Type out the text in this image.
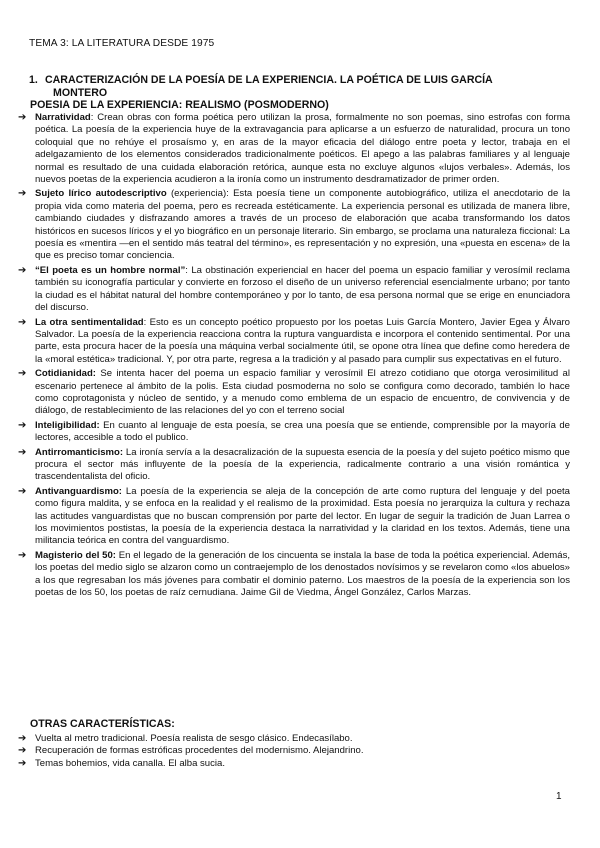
TEMA 3: LA LITERATURA DESDE 1975
1. CARACTERIZACIÓN DE LA POESÍA DE LA EXPERIENCIA. LA POÉTICA DE LUIS GARCÍA
MONTERO
POESIA DE LA EXPERIENCIA: REALISMO (POSMODERNO)
➔ Narratividad: Crean obras con forma poética pero utilizan la prosa, formalmente no son poemas, sino estrofas con forma poética. La poesía de la experiencia huye de la extravagancia para aplicarse a un esfuerzo de naturalidad, procura un tono coloquial que no rehúye el prosaísmo y, en aras de la mayor eficacia del diálogo entre poeta y lector, trabaja en el adelgazamiento de los elementos considerados tradicionalmente poéticos. El apego a las palabras familiares y al lenguaje normal es resultado de una cuidada elaboración retórica, aunque esta no excluye algunos «lujos verbales». Además, los nuevos poetas de la experiencia acudieron a la ironía como un instrumento desdramatizador de primer orden.
➔ Sujeto lírico autodescriptivo (experiencia): Esta poesía tiene un componente autobiográfico, utiliza el anecdotario de la propia vida como materia del poema, pero es recreada estéticamente. La experiencia personal es utilizada de manera libre, cambiando ciudades y disfrazando amores a través de un proceso de elaboración que acaba transformando los datos históricos en sucesos líricos y el yo biográfico en un personaje literario. Sin embargo, se proclama una naturaleza ficcional: La poesía es «mentira —en el sentido más teatral del término», es representación y no expresión, una «puesta en escena» de la que es preciso tomar conciencia.
➔ “El poeta es un hombre normal”: La obstinación experiencial en hacer del poema un espacio familiar y verosímil reclama también su iconografía particular y convierte en forzoso el diseño de un universo referencial esencialmente urbano; por tanto la ciudad es el hábitat natural del hombre contemporáneo y por lo tanto, de esa persona normal que se erige en enunciadora del discurso.
➔ La otra sentimentalidad: Esto es un concepto poético propuesto por los poetas Luis García Montero, Javier Egea y Álvaro Salvador. La poesía de la experiencia reacciona contra la ruptura vanguardista e incorpora el contenido sentimental. Por una parte, esta procura hacer de la poesía una máquina verbal socialmente útil, se opone otra línea que define como heredera de la «moral estética» tradicional. Y, por otra parte, regresa a la tradición y al pasado para cumplir sus expectativas en el futuro.
➔ Cotidianidad: Se intenta hacer del poema un espacio familiar y verosímil El atrezo cotidiano que otorga verosimilitud al escenario pertenece al ámbito de la polis. Esta ciudad posmoderna no solo se configura como decorado, también lo hace como coprotagonista y núcleo de sentido, y a menudo como emblema de un espacio de encuentro, de convivencia y de diálogo, de restablecimiento de las relaciones del yo con el terreno social
➔ Inteligibilidad: En cuanto al lenguaje de esta poesía, se crea una poesía que se entiende, comprensible por la mayoría de lectores, accesible a todo el publico.
➔ Antirromanticismo: La ironía servía a la desacralización de la supuesta esencia de la poesía y del sujeto poético mismo que procura el sector más influyente de la poesía de la experiencia, radicalmente contrario a una visión romántica y trascendentalista del oficio.
➔ Antivanguardismo: La poesía de la experiencia se aleja de la concepción de arte como ruptura del lenguaje y del poeta como figura maldita, y se enfoca en la realidad y el realismo de la proximidad. Esta poesía no jerarquiza la cultura y rechaza las actitudes vanguardistas que no buscan comprensión por parte del lector. En lugar de seguir la tradición de Juan Larrea o los movimientos postistas, la poesía de la experiencia destaca la narratividad y la claridad en los textos. Además, tiene una militancia teórica en contra del vanguardismo.
➔ Magisterio del 50: En el legado de la generación de los cincuenta se instala la base de toda la poética experiencial. Además, los poetas del medio siglo se alzaron como un contraejemplo de los denostados novísimos y se revelaron como «los abuelos» a los que regresaban los más jóvenes para combatir el dominio paterno. Los maestros de la poesía de la experiencia son los poetas de los 50, los poetas de raíz cernudiana. Jaime Gil de Viedma, Ángel González, Carlos Marzas.
OTRAS CARACTERÍSTICAS:
➔ Vuelta al metro tradicional. Poesía realista de sesgo clásico. Endecasílabo.
➔ Recuperación de formas estróficas procedentes del modernismo. Alejandrino.
➔ Temas bohemios, vida canalla. El alba sucia.
1
